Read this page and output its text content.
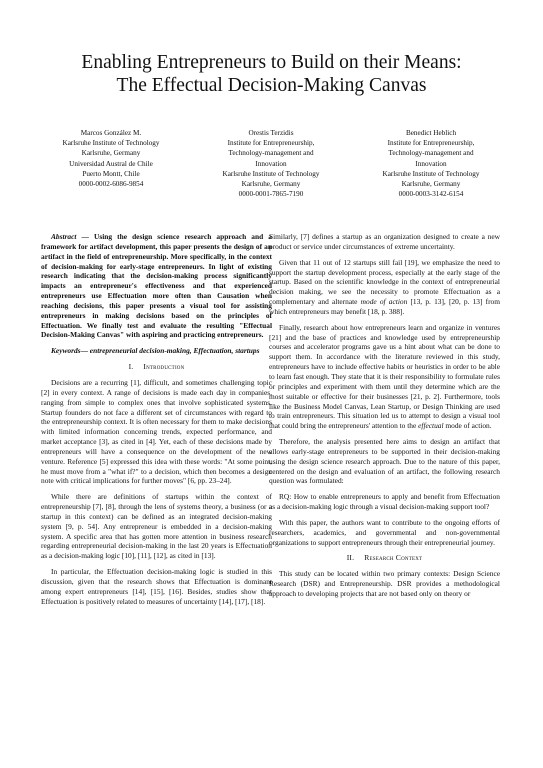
Enabling Entrepreneurs to Build on their Means:
The Effectual Decision-Making Canvas
Marcos González M.
Karlsruhe Institute of Technology
Karlsruhe, Germany
Universidad Austral de Chile
Puerto Montt, Chile
0000-0002-6086-9854
Orestis Terzidis
Institute for Entrepreneurship,
Technology-management and
Innovation
Karlsruhe Institute of Technology
Karlsruhe, Germany
0000-0001-7865-7190
Benedict Heblich
Institute for Entrepreneurship,
Technology-management and
Innovation
Karlsruhe Institute of Technology
Karlsruhe, Germany
0000-0003-3142-6154

Abstract — Using the design science research approach and a framework for artifact development, this paper presents the design of an artifact in the field of entrepreneurship. More specifically, in the context of decision-making for early-stage entrepreneurs. In light of existing research indicating that the decision-making process significantly impacts an entrepreneur's effectiveness and that experienced entrepreneurs use Effectuation more often than Causation when reaching decisions, this paper presents a visual tool for assisting entrepreneurs in making decisions based on the principles of Effectuation. We finally test and evaluate the resulting "Effectual Decision-Making Canvas" with aspiring and practicing entrepreneurs.

Keywords— entrepreneurial decision-making, Effectuation, startups

I. Introduction

Decisions are a recurring [1], difficult, and sometimes challenging topic [2] in every context. A range of decisions is made each day in companies, ranging from simple to complex ones that involve sophisticated systems. Startup founders do not face a different set of circumstances with regard to the entrepreneurship context. It is often necessary for them to make decisions with limited information concerning trends, expected performance, and market acceptance [3], as cited in [4]. Yet, each of these decisions made by entrepreneurs will have a consequence on the development of the new venture. Reference [5] expressed this idea with these words: "At some point, he must move from a "what if?" to a decision, which then becomes a design note with critical implications for further moves" [6, pp. 23–24].

While there are definitions of startups within the context of entrepreneurship [7], [8], through the lens of systems theory, a business (or a startup in this context) can be defined as an integrated decision-making system [9, p. 54]. Any entrepreneur is embedded in a decision-making system. A specific area that has gotten more attention in business research regarding entrepreneurial decision-making in the last 20 years is Effectuation as a decision-making logic [10], [11], [12], as cited in [13].

In particular, the Effectuation decision-making logic is studied in this discussion, given that the research shows that Effectuation is dominant among expert entrepreneurs [14], [15], [16]. Besides, studies show that Effectuation is positively related to measures of uncertainty [14], [17], [18].

Similarly, [7] defines a startup as an organization designed to create a new product or service under circumstances of extreme uncertainty.

Given that 11 out of 12 startups still fail [19], we emphasize the need to support the startup development process, especially at the early stage of the startup. Based on the scientific knowledge in the context of entrepreneurial decision making, we see the necessity to promote Effectuation as a complementary and alternate mode of action [13, p. 13], [20, p. 13] from which entrepreneurs may benefit [18, p. 388].

Finally, research about how entrepreneurs learn and organize in ventures [21] and the base of practices and knowledge used by entrepreneurship courses and accelerator programs gave us a hint about what can be done to support them. In accordance with the literature reviewed in this study, entrepreneurs have to include effective habits or heuristics in order to be able to learn fast enough. They state that it is their responsibility to formulate rules or principles and experiment with them until they determine which are the most suitable or effective for their businesses [21, p. 2]. Furthermore, tools like the Business Model Canvas, Lean Startup, or Design Thinking are used to train entrepreneurs. This situation led us to attempt to design a visual tool that could bring the entrepreneurs' attention to the effectual mode of action.

Therefore, the analysis presented here aims to design an artifact that allows early-stage entrepreneurs to be supported in their decision-making using the design science research approach. Due to the nature of this paper, centered on the design and evaluation of an artifact, the following research question was formulated:

RQ: How to enable entrepreneurs to apply and benefit from Effectuation as a decision-making logic through a visual decision-making support tool?

With this paper, the authors want to contribute to the ongoing efforts of researchers, academics, and governmental and non-governmental organizations to support entrepreneurs through their entrepreneurial journey.

II. Research Context

This study can be located within two primary contexts: Design Science Research (DSR) and Entrepreneurship. DSR provides a methodological approach to developing projects that are not based only on theory or
